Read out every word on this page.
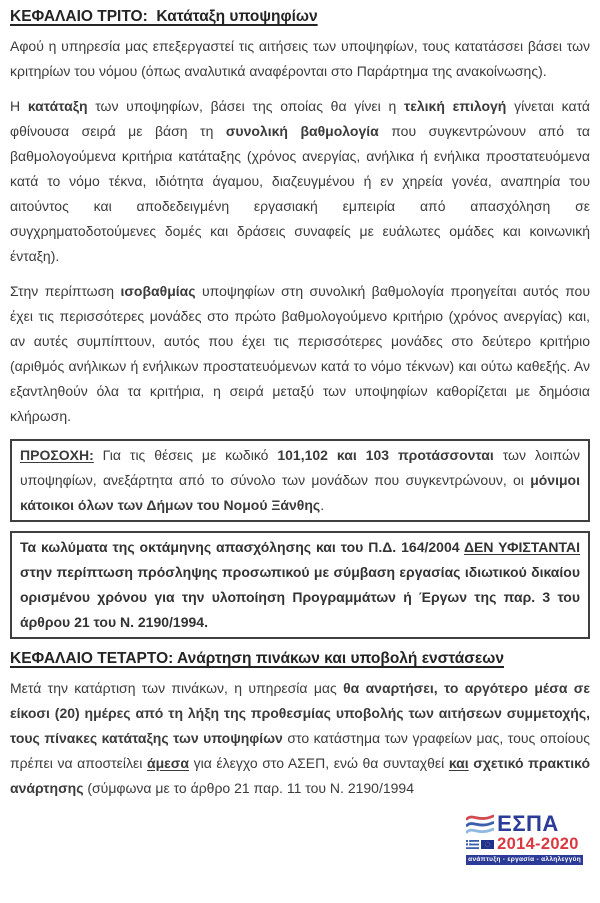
ΚΕΦΑΛΑΙΟ ΤΡΙΤΟ:  Κατάταξη υποψηφίων

Αφού η υπηρεσία μας επεξεργαστεί τις αιτήσεις των υποψηφίων, τους κατατάσσει βάσει των κριτηρίων του νόμου (όπως αναλυτικά αναφέρονται στο Παράρτημα της ανακοίνωσης).

Η κατάταξη των υποψηφίων, βάσει της οποίας θα γίνει η τελική επιλογή γίνεται κατά φθίνουσα σειρά με βάση τη συνολική βαθμολογία που συγκεντρώνουν από τα βαθμολογούμενα κριτήρια κατάταξης (χρόνος ανεργίας, ανήλικα ή ενήλικα προστατευόμενα κατά το νόμο τέκνα, ιδιότητα άγαμου, διαζευγμένου ή εν χηρεία γονέα, αναπηρία του αιτούντος και αποδεδειγμένη εργασιακή εμπειρία από απασχόληση σε συγχρηματοδοτούμενες δομές και δράσεις συναφείς με ευάλωτες ομάδες και κοινωνική ένταξη).

Στην περίπτωση ισοβαθμίας υποψηφίων στη συνολική βαθμολογία προηγείται αυτός που έχει τις περισσότερες μονάδες στο πρώτο βαθμολογούμενο κριτήριο (χρόνος ανεργίας) και, αν αυτές συμπίπτουν, αυτός που έχει τις περισσότερες μονάδες στο δεύτερο κριτήριο (αριθμός ανήλικων ή ενήλικων προστατευόμενων κατά το νόμο τέκνων) και ούτω καθεξής. Αν εξαντληθούν όλα τα κριτήρια, η σειρά μεταξύ των υποψηφίων καθορίζεται με δημόσια κλήρωση.

ΠΡΟΣΟΧΗ: Για τις θέσεις με κωδικό 101,102 και 103 προτάσσονται των λοιπών υποψηφίων, ανεξάρτητα από το σύνολο των μονάδων που συγκεντρώνουν, οι μόνιμοι κάτοικοι όλων των Δήμων του Νομού Ξάνθης.

Τα κωλύματα της οκτάμηνης απασχόλησης και του Π.Δ. 164/2004 ΔΕΝ ΥΦΙΣΤΑΝΤΑΙ στην περίπτωση πρόσληψης προσωπικού με σύμβαση εργασίας ιδιωτικού δικαίου ορισμένου χρόνου για την υλοποίηση Προγραμμάτων ή Έργων της παρ. 3 του άρθρου 21 του Ν. 2190/1994.

ΚΕΦΑΛΑΙΟ ΤΕΤΑΡΤΟ: Ανάρτηση πινάκων και υποβολή ενστάσεων

Μετά την κατάρτιση των πινάκων, η υπηρεσία μας θα αναρτήσει, το αργότερο μέσα σε είκοσι (20) ημέρες από τη λήξη της προθεσμίας υποβολής των αιτήσεων συμμετοχής, τους πίνακες κατάταξης των υποψηφίων στο κατάστημα των γραφείων μας, τους οποίους πρέπει να αποστείλει άμεσα για έλεγχο στο ΑΣΕΠ, ενώ θα συνταχθεί και σχετικό πρακτικό ανάρτησης (σύμφωνα με το άρθρο 21 παρ. 11 του Ν. 2190/1994

ΕΣΠΑ
2014-2020
ανάπτυξη - εργασία - αλληλεγγύη
